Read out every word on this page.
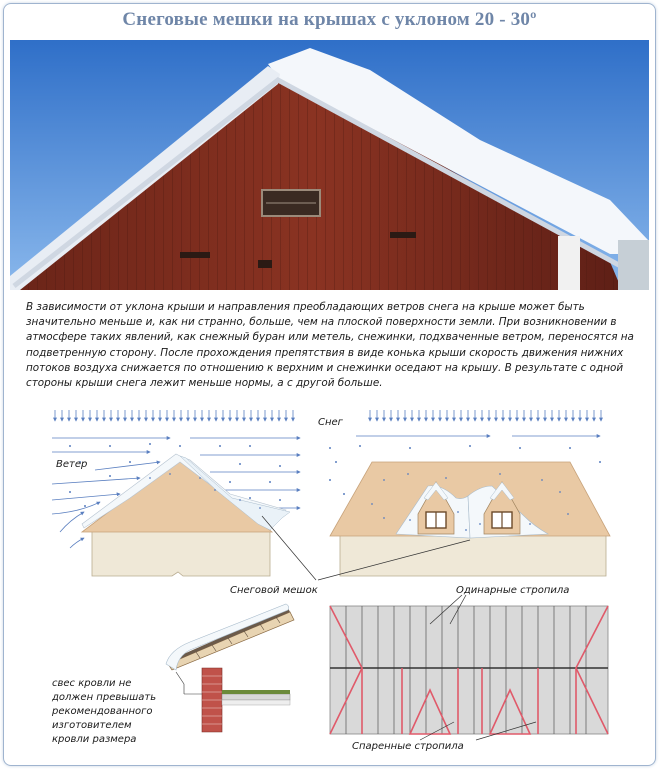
Снеговые мешки на крышах с уклоном 20 - 30º
В зависимости от уклона крыши и направления преобладающих ветров снега на крыше может быть значительно меньше и, как ни странно, больше, чем на плоской поверхности земли. При возникновении в атмосфере таких явлений, как снежный буран или метель, снежинки, подхваченные ветром, переносятся на подветренную сторону. После прохождения препятствия в виде конька крыши скорость движения нижних потоков воздуха снижается по отношению к верхним и снежинки оседают на крышу. В результате с одной стороны крыши снега лежит меньше нормы, а с другой больше.
Ветер
Снег
Снеговой мешок
свес кровли не
должен превышать
рекомендованного
изготовителем
кровли размера
Одинарные стропила
Спаренные стропила
